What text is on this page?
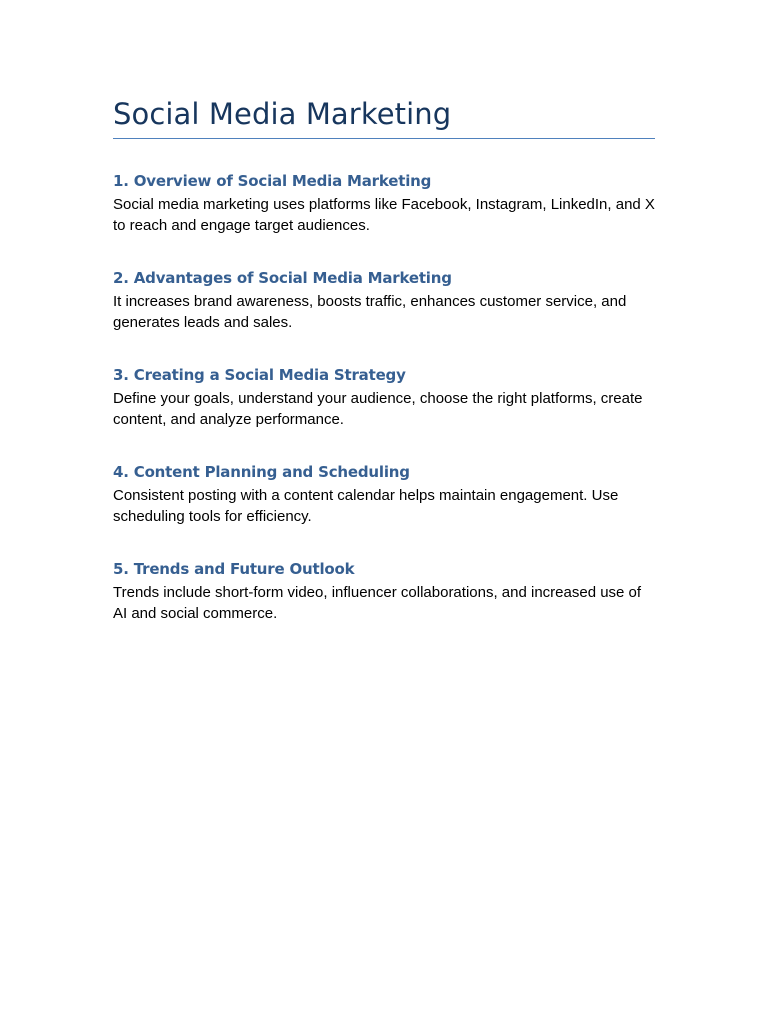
Social Media Marketing
1. Overview of Social Media Marketing

Social media marketing uses platforms like Facebook, Instagram, LinkedIn, and X to reach and engage target audiences.

2. Advantages of Social Media Marketing

It increases brand awareness, boosts traffic, enhances customer service, and generates leads and sales.

3. Creating a Social Media Strategy

Define your goals, understand your audience, choose the right platforms, create content, and analyze performance.

4. Content Planning and Scheduling

Consistent posting with a content calendar helps maintain engagement. Use scheduling tools for efficiency.

5. Trends and Future Outlook

Trends include short-form video, influencer collaborations, and increased use of AI and social commerce.
